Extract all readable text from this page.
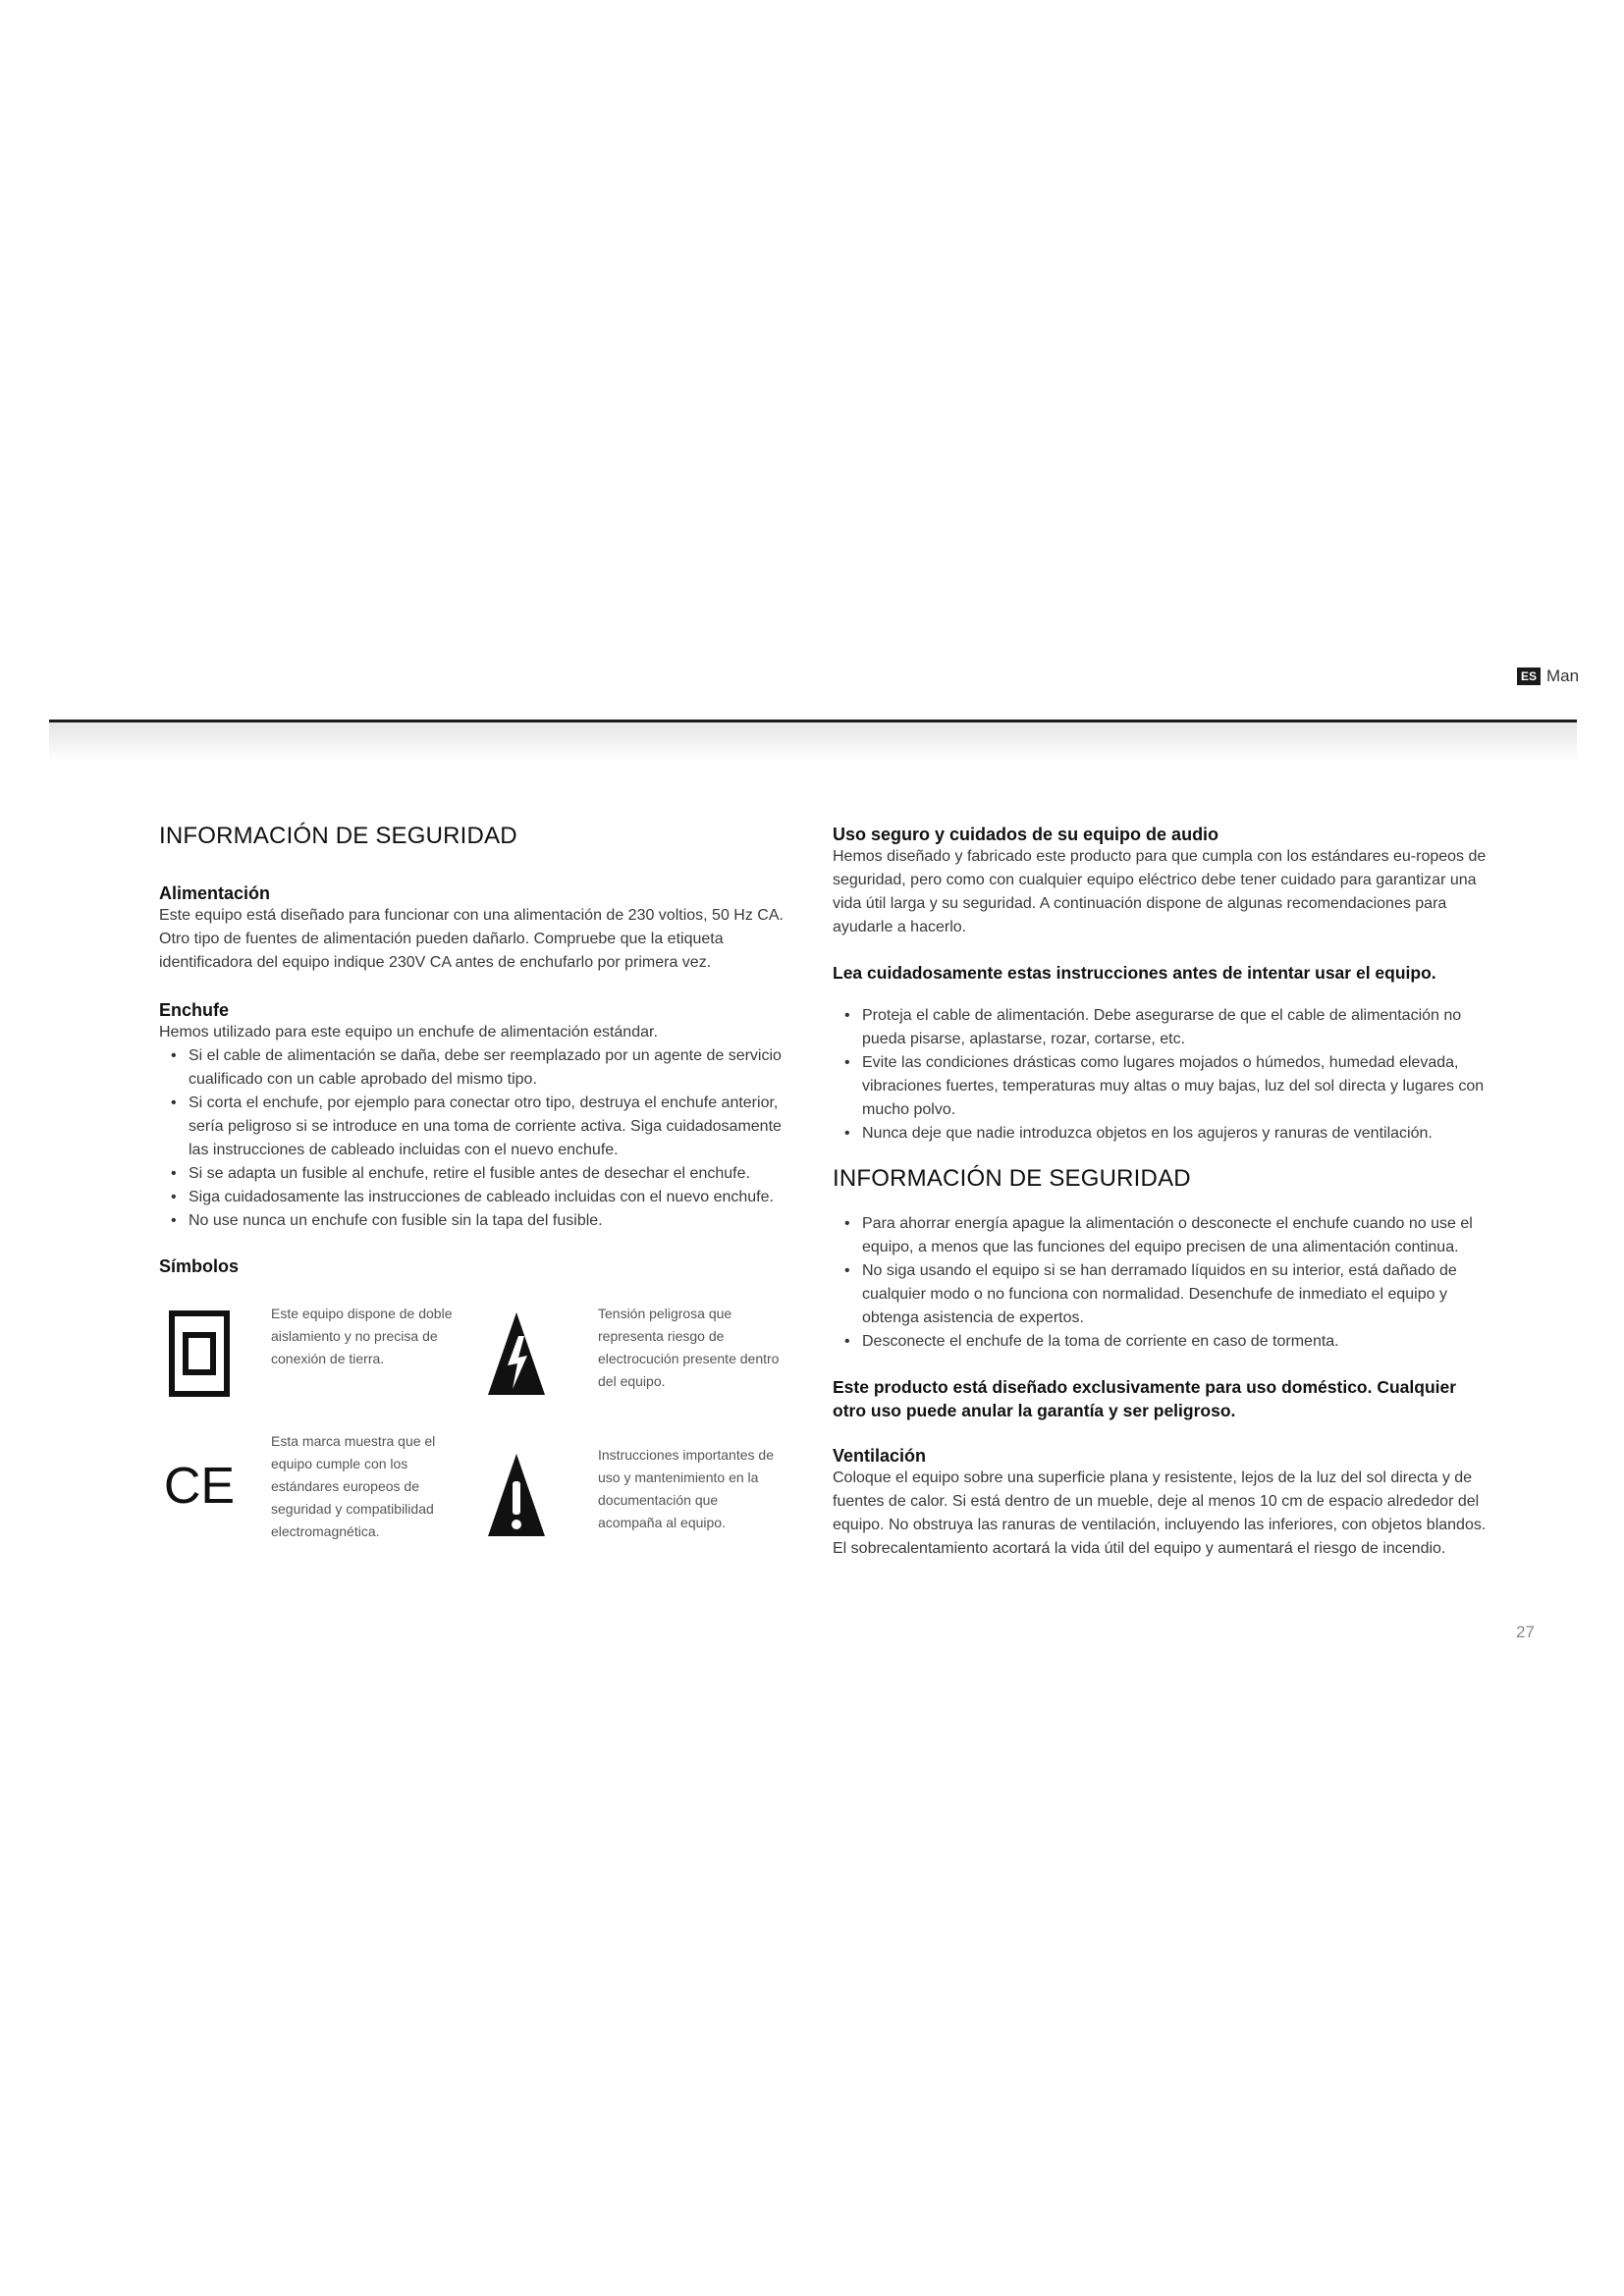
ES Man
INFORMACIÓN DE SEGURIDAD
Alimentación

Este equipo está diseñado para funcionar con una alimentación de 230 voltios, 50 Hz CA. Otro tipo de fuentes de alimentación pueden dañarlo. Compruebe que la etiqueta identificadora del equipo indique 230V CA antes de enchufarlo por primera vez.

Enchufe

Hemos utilizado para este equipo un enchufe de alimentación estándar.

• Si el cable de alimentación se daña, debe ser reemplazado por un agente de servicio cualificado con un cable aprobado del mismo tipo.
• Si corta el enchufe, por ejemplo para conectar otro tipo, destruya el enchufe anterior, sería peligroso si se introduce en una toma de corriente activa. Siga cuidadosamente las instrucciones de cableado incluidas con el nuevo enchufe.
• Si se adapta un fusible al enchufe, retire el fusible antes de desechar el enchufe.
• Siga cuidadosamente las instrucciones de cableado incluidas con el nuevo enchufe.
• No use nunca un enchufe con fusible sin la tapa del fusible.
Símbolos
Este equipo dispone de doble aislamiento y no precisa de conexión de tierra.
Tensión peligrosa que representa riesgo de electrocución presente dentro del equipo.
CE
Esta marca muestra que el equipo cumple con los estándares europeos de seguridad y compatibilidad electromagnética.
Instrucciones importantes de uso y mantenimiento en la documentación que acompaña al equipo.
Uso seguro y cuidados de su equipo de audio

Hemos diseñado y fabricado este producto para que cumpla con los estándares eu-ropeos de seguridad, pero como con cualquier equipo eléctrico debe tener cuidado para garantizar una vida útil larga y su seguridad. A continuación dispone de algunas recomendaciones para ayudarle a hacerlo.

Lea cuidadosamente estas instrucciones antes de intentar usar el equipo.
• Proteja el cable de alimentación. Debe asegurarse de que el cable de alimentación no pueda pisarse, aplastarse, rozar, cortarse, etc.
• Evite las condiciones drásticas como lugares mojados o húmedos, humedad elevada, vibraciones fuertes, temperaturas muy altas o muy bajas, luz del sol directa y lugares con mucho polvo.
• Nunca deje que nadie introduzca objetos en los agujeros y ranuras de ventilación.
INFORMACIÓN DE SEGURIDAD
• Para ahorrar energía apague la alimentación o desconecte el enchufe cuando no use el equipo, a menos que las funciones del equipo precisen de una alimentación continua.
• No siga usando el equipo si se han derramado líquidos en su interior, está dañado de cualquier modo o no funciona con normalidad. Desenchufe de inmediato el equipo y obtenga asistencia de expertos.
• Desconecte el enchufe de la toma de corriente en caso de tormenta.
Este producto está diseñado exclusivamente para uso doméstico. Cualquier otro uso puede anular la garantía y ser peligroso.
Ventilación

Coloque el equipo sobre una superficie plana y resistente, lejos de la luz del sol directa y de fuentes de calor. Si está dentro de un mueble, deje al menos 10 cm de espacio alrededor del equipo. No obstruya las ranuras de ventilación, incluyendo las inferiores, con objetos blandos. El sobrecalentamiento acortará la vida útil del equipo y aumentará el riesgo de incendio.

27
